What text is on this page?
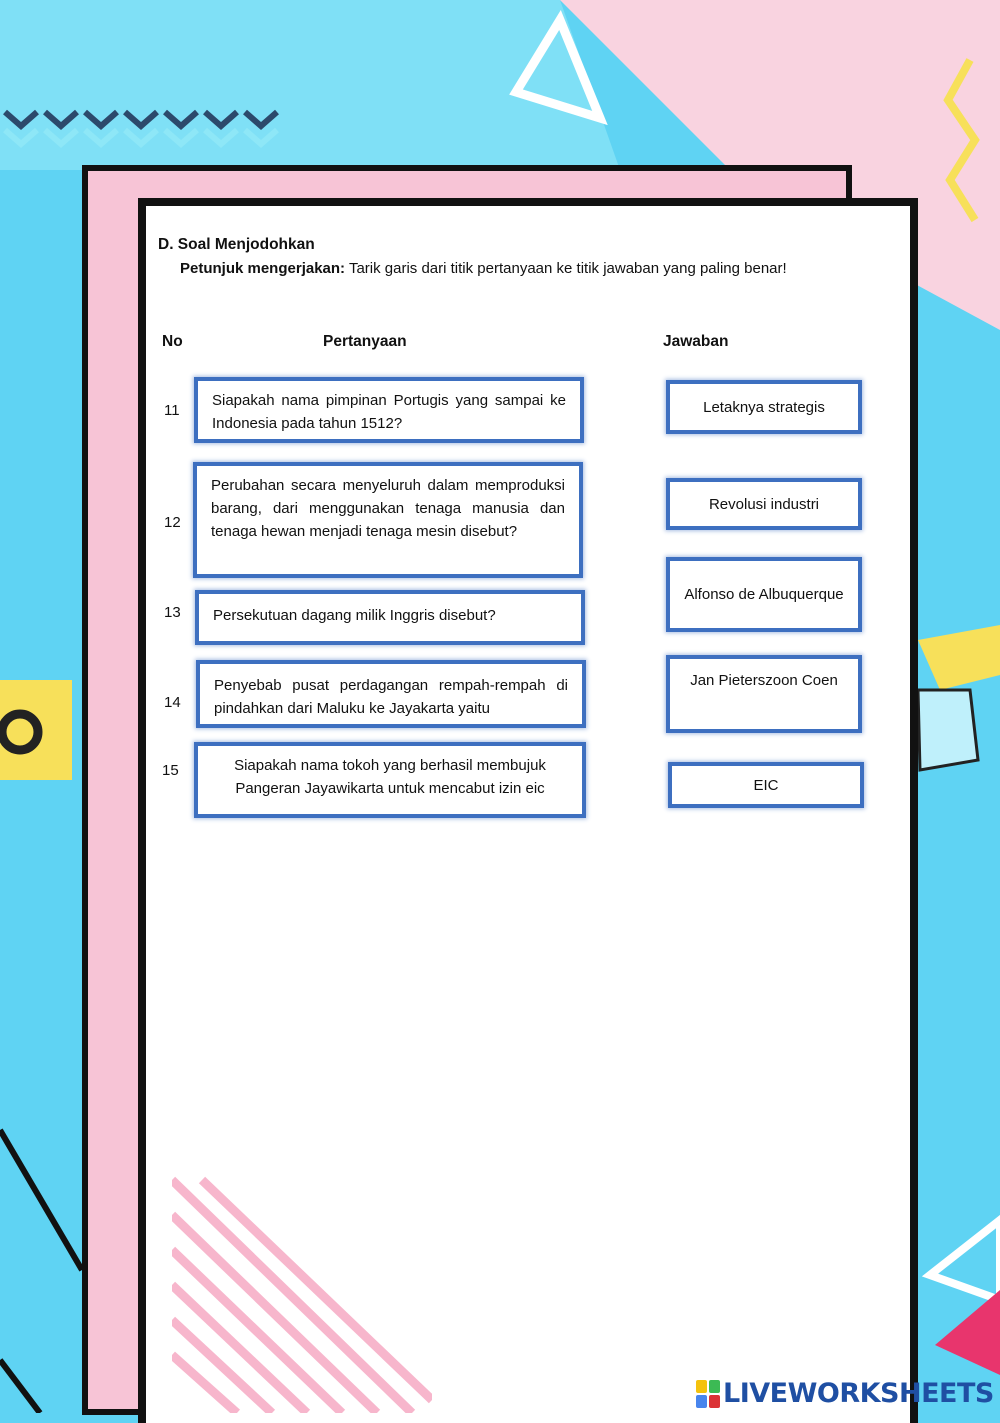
D. Soal Menjodohkan
Petunjuk mengerjakan: Tarik garis dari titik pertanyaan ke titik jawaban yang paling benar!
No	Pertanyaan	Jawaban
11
12
13
14
15
Siapakah nama pimpinan Portugis yang sampai ke Indonesia pada tahun 1512?
Perubahan secara menyeluruh dalam memproduksi barang, dari menggunakan tenaga manusia dan tenaga hewan menjadi tenaga mesin disebut?
Persekutuan dagang milik Inggris disebut?
Penyebab pusat perdagangan rempah-rempah di pindahkan dari Maluku ke Jayakarta yaitu
Siapakah nama tokoh yang berhasil membujuk
Pangeran Jayawikarta untuk mencabut izin eic
Letaknya strategis
Revolusi industri
Alfonso de Albuquerque
Jan Pieterszoon Coen
EIC
LIVEWORKSHEETS
